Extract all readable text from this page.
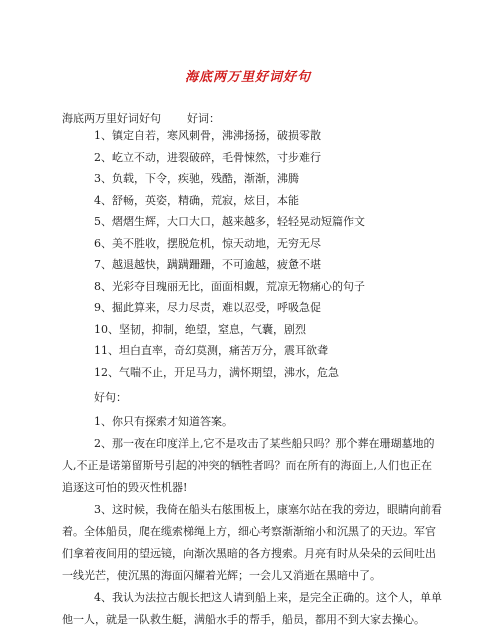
海底两万里好词好句
海底两万里好词好句 好词：
1、镇定自若，寒风刺骨，沸沸扬扬，破损零散
2、屹立不动，进裂破碎，毛骨悚然，寸步难行
3、负载，下令，疾驰，残酷，渐渐，沸腾
4、舒畅，英姿，精确，荒寂，炫目，本能
5、熠熠生辉，大口大口，越来越多，轻轻晃动短篇作文
6、美不胜收，摆脱危机，惊天动地，无穷无尽
7、越退越快，蹒蹒跚跚，不可逾越，疲惫不堪
8、光彩夺目瑰丽无比，面面相觑，荒凉无物痛心的句子
9、掘此算来，尽力尽责，难以忍受，呼吸急促
10、坚韧，抑制，绝望，窒息，气囊，剧烈
11、坦白直率，奇幻莫测，痛苦万分，震耳欲聋
12、气喘不止，开足马力，满怀期望，沸水，危急
好句：

1、你只有探索才知道答案。

2、那一夜在印度洋上,它不是攻击了某些船只吗？那个葬在珊瑚墓地的人,不正是诺第留斯号引起的冲突的牺牲者吗？而在所有的海面上,人们也正在追逐这可怕的毁灭性机器!

3、这时候，我倚在船头右舷围板上，康塞尔站在我的旁边，眼睛向前看着。全体船员，爬在缆索梯绳上方，细心考察渐渐缩小和沉黑了的天边。军官们拿着夜间用的望远镜，向渐次黑暗的各方搜索。月亮有时从朵朵的云间吐出一线光芒，使沉黑的海面闪耀着光辉；一会儿又消逝在黑暗中了。

4、我认为法拉古舰长把这人请到船上来，是完全正确的。这个人，单单他一人，就是一队救生艇，满船水手的帮手，船员，都用不到大家去操心。
